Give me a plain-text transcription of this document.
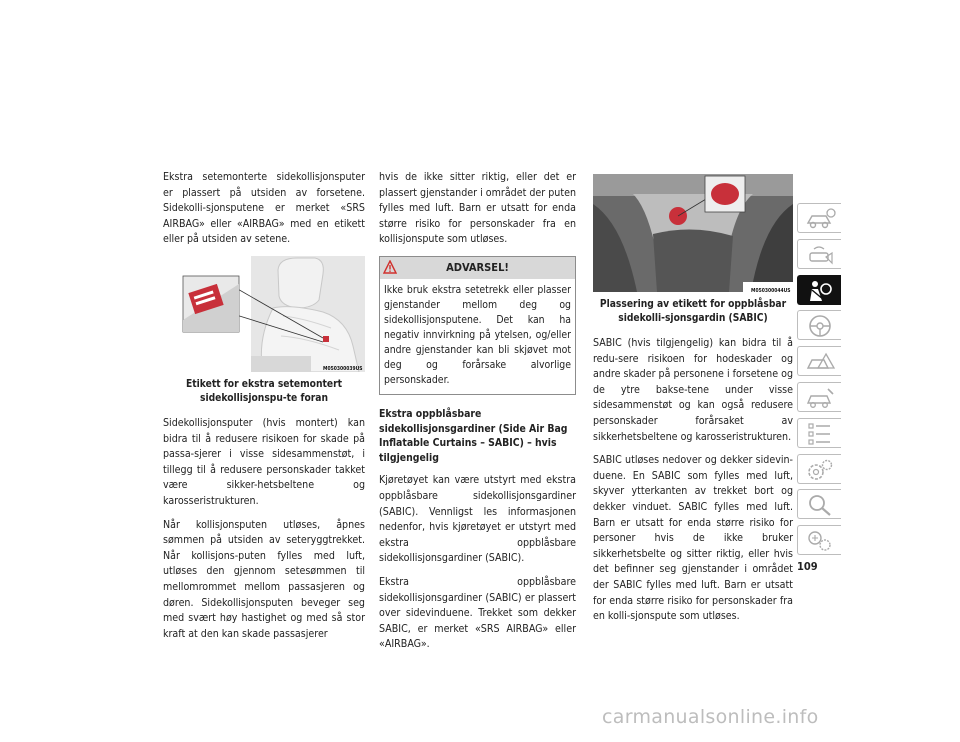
Ekstra setemonterte sidekollisjonsputer er plassert på utsiden av forsetene. Sidekolli-sjonsputene er merket «SRS AIRBAG» eller «AIRBAG» med en etikett eller på utsiden av setene.

M050300039US
Etikett for ekstra setemontert sidekollisjonspu-te foran

Sidekollisjonsputer (hvis montert) kan bidra til å redusere risikoen for skade på passa-sjerer i visse sidesammenstøt, i tillegg til å redusere personskader takket være sikker-hetsbeltene og karosseristrukturen.

Når kollisjonsputen utløses, åpnes sømmen på utsiden av seteryggtrekket. Når kollisjons-puten fylles med luft, utløses den gjennom setesømmen til mellomrommet mellom passasjeren og døren. Sidekollisjonsputen beveger seg med svært høy hastighet og med så stor kraft at den kan skade passasjerer

hvis de ikke sitter riktig, eller det er plassert gjenstander i området der puten fylles med luft. Barn er utsatt for enda større risiko for personskader fra en kollisjonspute som utløses.

ADVARSEL!
Ikke bruk ekstra setetrekk eller plasser gjenstander mellom deg og sidekollisjonsputene. Det kan ha negativ innvirkning på ytelsen, og/eller andre gjenstander kan bli skjøvet mot deg og forårsake alvorlige personskader.
Ekstra oppblåsbare sidekollisjonsgardiner (Side Air Bag Inflatable Curtains – SABIC) – hvis tilgjengelig

Kjøretøyet kan være utstyrt med ekstra oppblåsbare sidekollisjonsgardiner (SABIC). Vennligst les informasjonen nedenfor, hvis kjøretøyet er utstyrt med ekstra oppblåsbare sidekollisjonsgardiner (SABIC).

Ekstra oppblåsbare sidekollisjonsgardiner (SABIC) er plassert over sidevinduene. Trekket som dekker SABIC, er merket «SRS AIRBAG» eller «AIRBAG».

M050300044US
Plassering av etikett for oppblåsbar sidekolli-sjonsgardin (SABIC)

SABIC (hvis tilgjengelig) kan bidra til å redu-sere risikoen for hodeskader og andre skader på personene i forsetene og de ytre bakse-tene under visse sidesammenstøt og kan også redusere personskader forårsaket av sikkerhetsbeltene og karosseristrukturen.

SABIC utløses nedover og dekker sidevin-duene. En SABIC som fylles med luft, skyver ytterkanten av trekket bort og dekker vinduet. SABIC fylles med luft. Barn er utsatt for enda større risiko for personer hvis de ikke bruker sikkerhetsbelte og sitter riktig, eller hvis det befinner seg gjenstander i området der SABIC fylles med luft. Barn er utsatt for enda større risiko for personskader fra en kolli-sjonspute som utløses.

109
carmanualsonline.info
